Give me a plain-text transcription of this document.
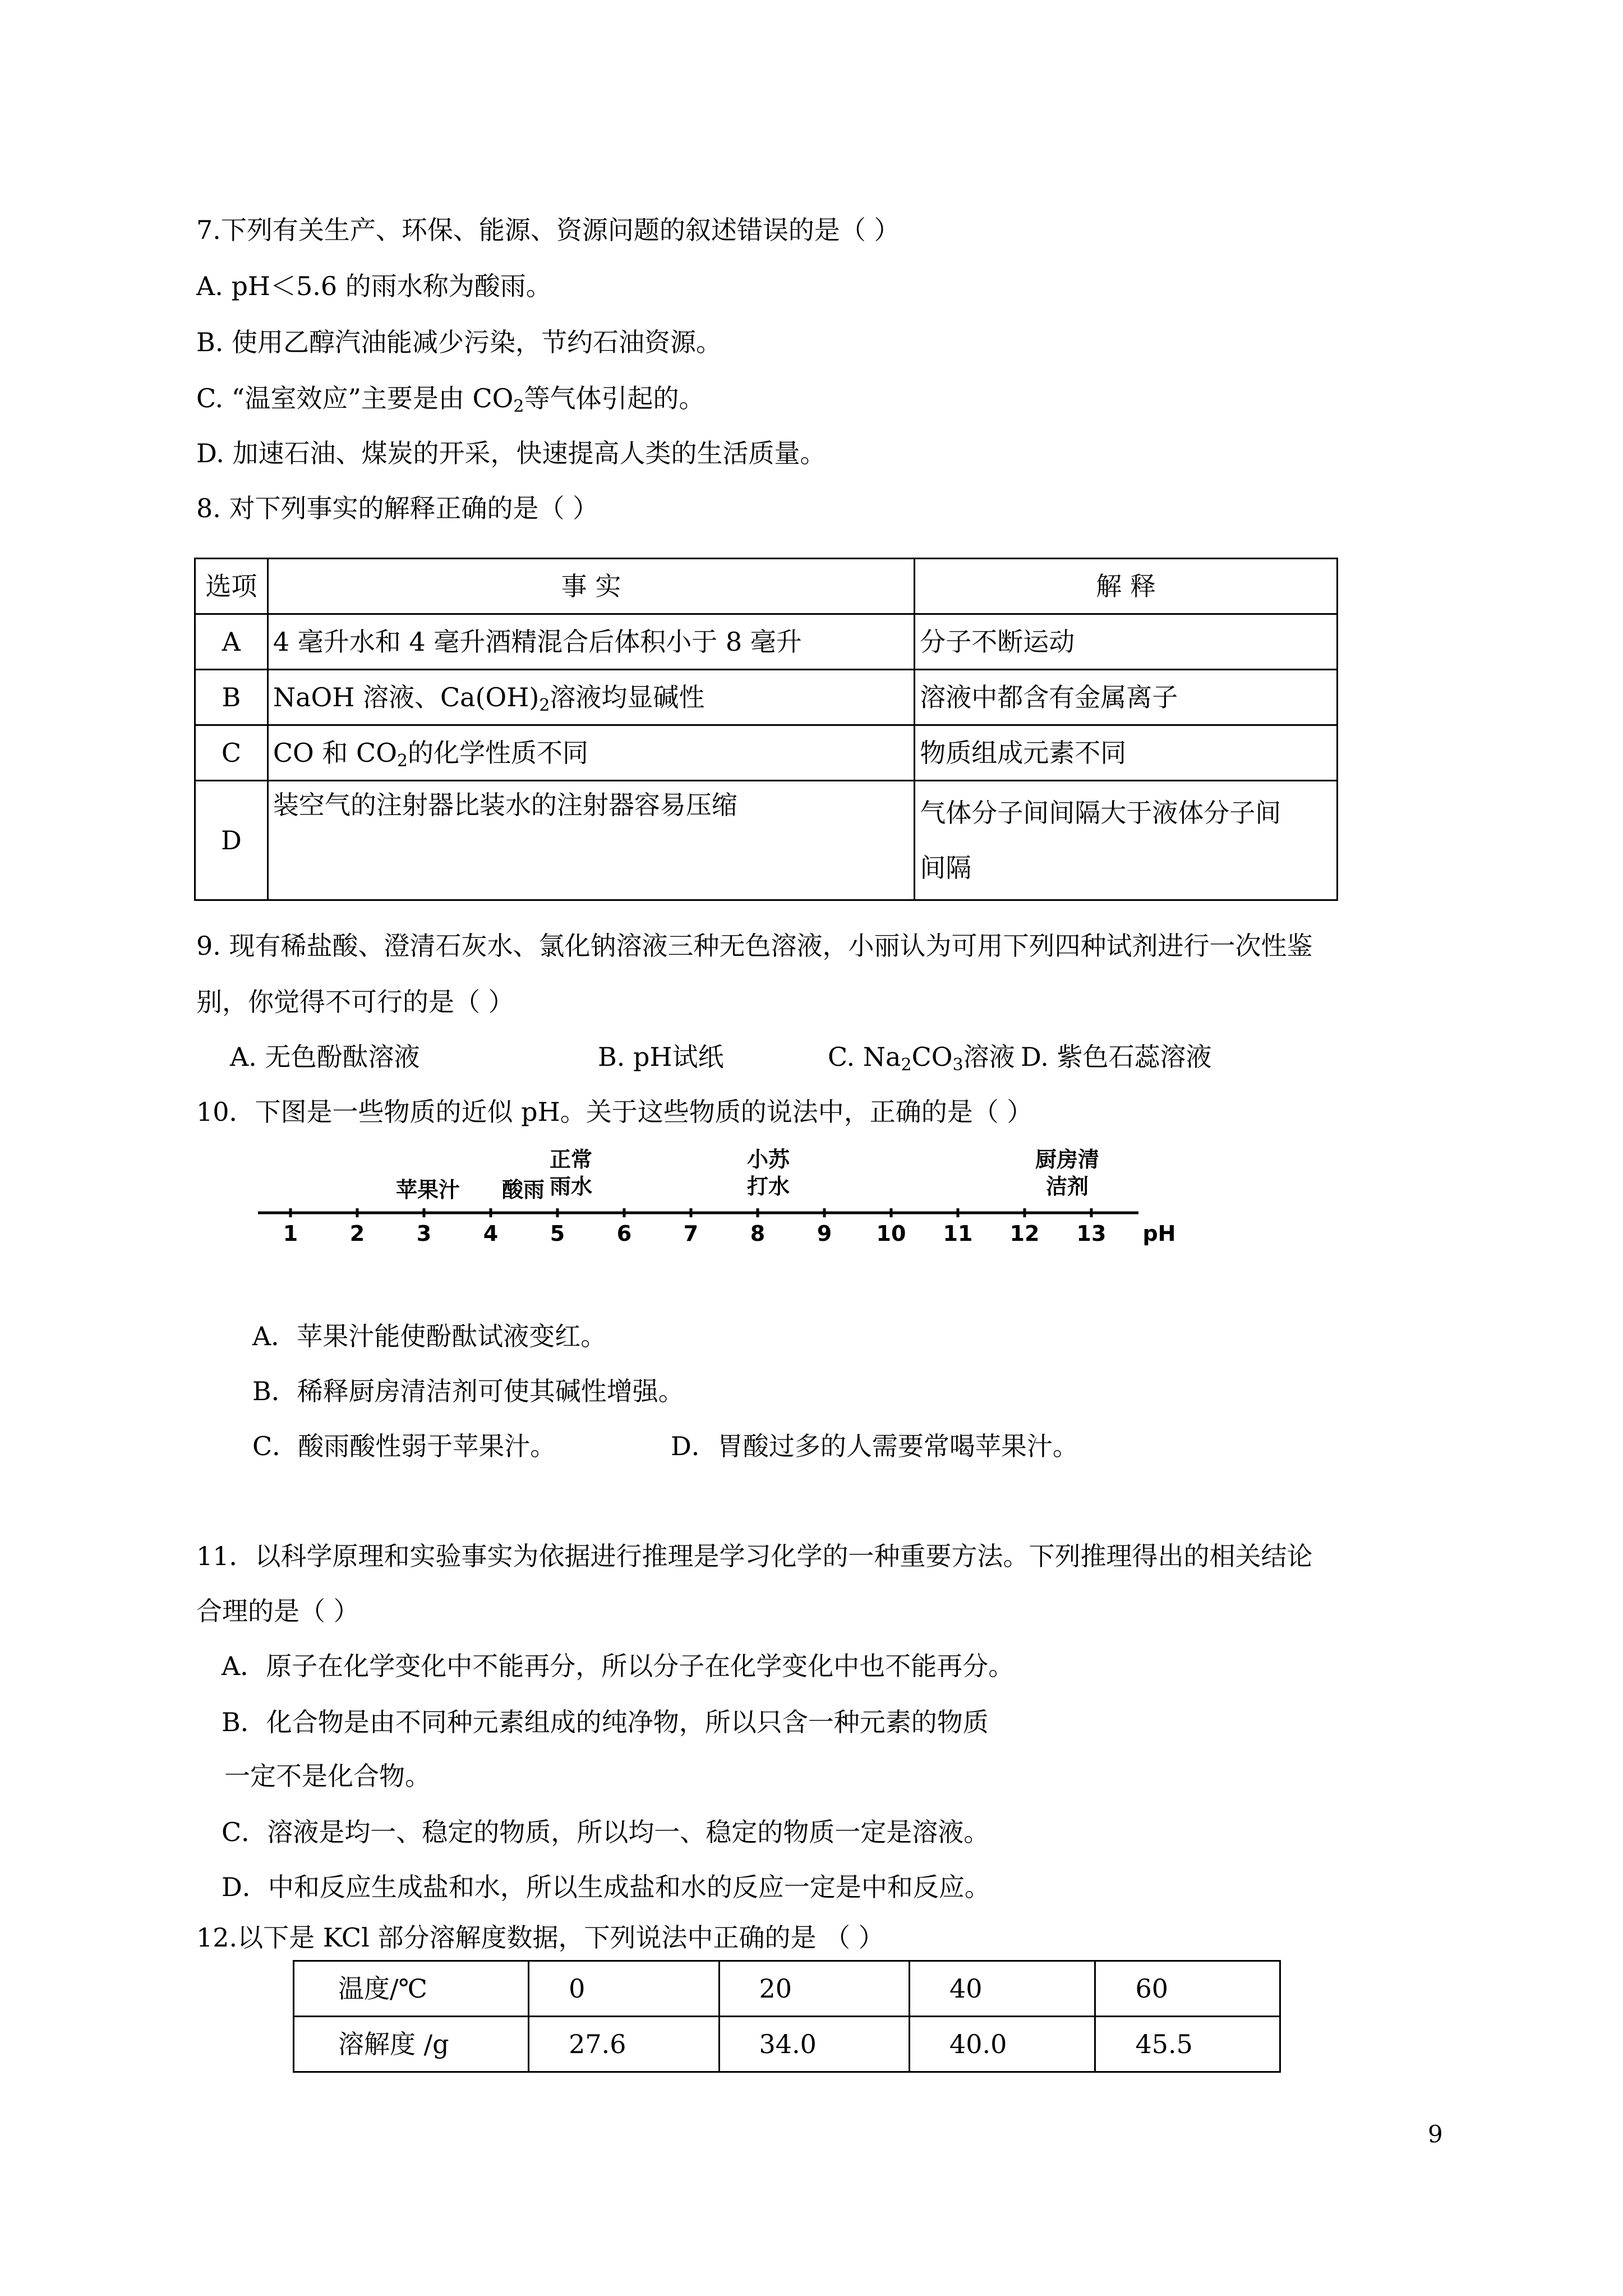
7.下列有关生产、环保、能源、资源问题的叙述错误的是（ ）
A. pH＜5.6 的雨水称为酸雨。
B. 使用乙醇汽油能减少污染，节约石油资源。
C. “温室效应”主要是由 $CO_2$等气体引起的。
D. 加速石油、煤炭的开采，快速提高人类的生活质量。
8. 对下列事实的解释正确的是（ ）
选项	事 实	解 释
A	4 毫升水和 4 毫升酒精混合后体积小于 8 毫升	分子不断运动
B	NaOH 溶液、$Ca(OH)_2$溶液均显碱性	溶液中都含有金属离子
C	CO 和 $CO_2$的化学性质不同	物质组成元素不同
D	装空气的注射器比装水的注射器容易压缩	气体分子间间隔大于液体分子间
间隔
9. 现有稀盐酸、澄清石灰水、氯化钠溶液三种无色溶液，小丽认为可用下列四种试剂进行一次性鉴
别，你觉得不可行的是（ ）
A. 无色酚酞溶液	B. pH试纸	C. $Na_2CO_3$溶液 D. 紫色石蕊溶液
10．下图是一些物质的近似 pH。关于这些物质的说法中，正确的是（ ）
1 2 3 4 5 6 7 8 9 10 11 12 13
苹果汁 酸雨
正常
雨水
小苏
打水
厨房清
洁剂
pH
A．苹果汁能使酚酞试液变红。
B．稀释厨房清洁剂可使其碱性增强。
C．酸雨酸性弱于苹果汁。	D．胃酸过多的人需要常喝苹果汁。
11．以科学原理和实验事实为依据进行推理是学习化学的一种重要方法。下列推理得出的相关结论
合理的是（ ）
A．原子在化学变化中不能再分，所以分子在化学变化中也不能再分。
B．化合物是由不同种元素组成的纯净物，所以只含一种元素的物质
一定不是化合物。
C．溶液是均一、稳定的物质，所以均一、稳定的物质一定是溶液。
D．中和反应生成盐和水，所以生成盐和水的反应一定是中和反应。
12.以下是 KCl 部分溶解度数据，下列说法中正确的是 （ ）
温度/℃	0	20	40	60
溶解度 /g	27.6	34.0	40.0	45.5
9
